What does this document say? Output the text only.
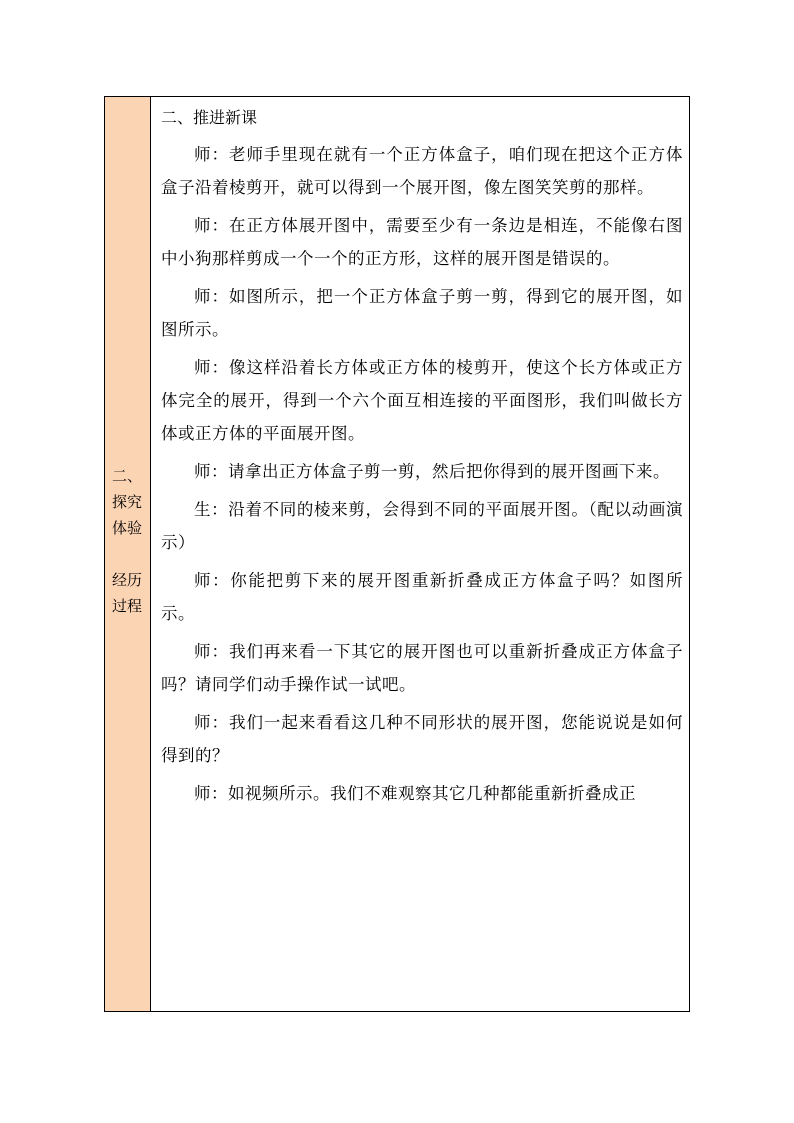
二、
探究
体验
经历
过程

二、推进新课

师：老师手里现在就有一个正方体盒子，咱们现在把这个正方体盒子沿着棱剪开，就可以得到一个展开图，像左图笑笑剪的那样。

师：在正方体展开图中，需要至少有一条边是相连，不能像右图中小狗那样剪成一个一个的正方形，这样的展开图是错误的。

师：如图所示，把一个正方体盒子剪一剪，得到它的展开图，如图所示。

师：像这样沿着长方体或正方体的棱剪开，使这个长方体或正方体完全的展开，得到一个六个面互相连接的平面图形，我们叫做长方体或正方体的平面展开图。

师：请拿出正方体盒子剪一剪，然后把你得到的展开图画下来。

生：沿着不同的棱来剪，会得到不同的平面展开图。（配以动画演示）

师：你能把剪下来的展开图重新折叠成正方体盒子吗？如图所示。

师：我们再来看一下其它的展开图也可以重新折叠成正方体盒子吗？请同学们动手操作试一试吧。

师：我们一起来看看这几种不同形状的展开图，您能说说是如何得到的？

师：如视频所示。我们不难观察其它几种都能重新折叠成正
